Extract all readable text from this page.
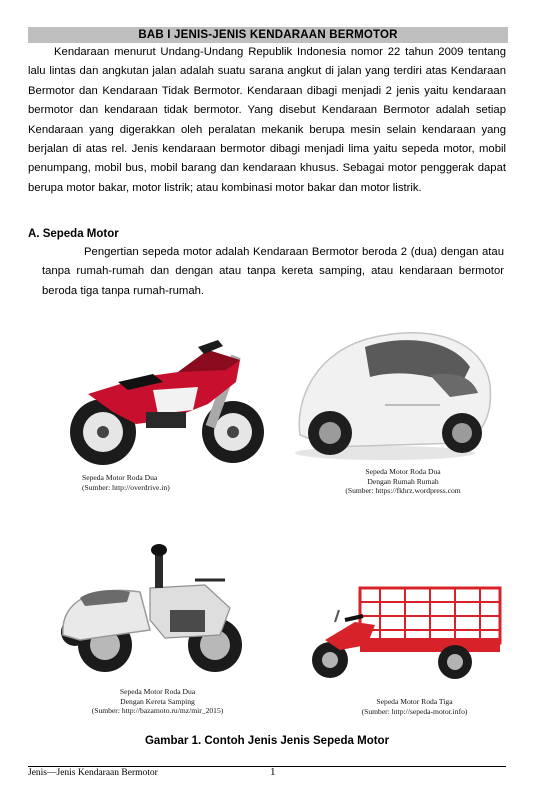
BAB I JENIS-JENIS KENDARAAN BERMOTOR
Kendaraan menurut Undang-Undang Republik Indonesia nomor 22 tahun 2009 tentang lalu lintas dan angkutan jalan adalah suatu sarana angkut di jalan yang terdiri atas Kendaraan Bermotor dan Kendaraan Tidak Bermotor. Kendaraan dibagi menjadi 2 jenis yaitu kendaraan bermotor dan kendaraan tidak bermotor. Yang disebut Kendaraan Bermotor adalah setiap Kendaraan yang digerakkan oleh peralatan mekanik berupa mesin selain kendaraan yang berjalan di atas rel. Jenis kendaraan bermotor dibagi menjadi lima yaitu sepeda motor, mobil penumpang, mobil bus, mobil barang dan kendaraan khusus. Sebagai motor penggerak dapat berupa motor bakar, motor listrik; atau kombinasi motor bakar dan motor listrik.
A. Sepeda Motor
Pengertian sepeda motor adalah Kendaraan Bermotor beroda 2 (dua) dengan atau tanpa rumah-rumah dan dengan atau tanpa kereta samping, atau kendaraan bermotor beroda tiga tanpa rumah-rumah.
Sepeda Motor Roda Dua
(Sumber: http://overdrive.in)
Sepeda Motor Roda Dua
Dengan Rumah Rumah
(Sumber: https://fkhrz.wordpress.com
Sepeda Motor Roda Dua
Dengan Kereta Samping
(Sumber: http://bazamoto.ru/mz/mir_2015)
Sepeda Motor Roda Tiga
(Sumber: http://sepeda-motor.info)
Gambar 1. Contoh Jenis Jenis Sepeda Motor
Jenis—Jenis Kendaraan Bermotor	1
